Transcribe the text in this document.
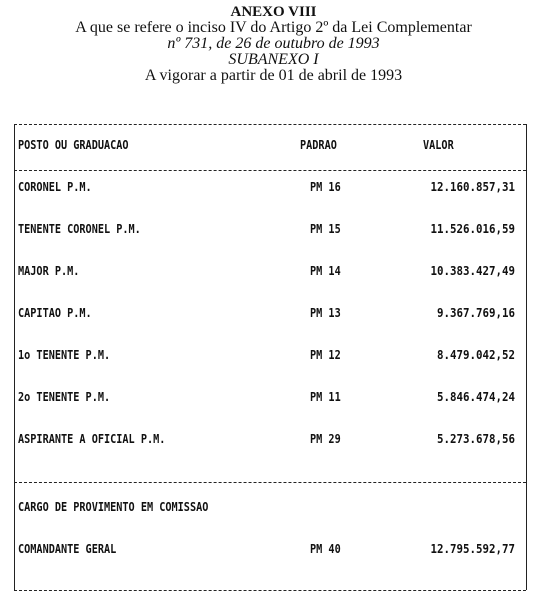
ANEXO VIII
A que se refere o inciso IV do Artigo 2º da Lei Complementar
nº 731, de 26 de outubro de 1993
SUBANEXO I
A vigorar a partir de 01 de abril de 1993
POSTO OU GRADUACAO	PADRAO	VALOR
CORONEL P.M.	PM 16	12.160.857,31
TENENTE CORONEL P.M.	PM 15	11.526.016,59
MAJOR P.M.	PM 14	10.383.427,49
CAPITAO P.M.	PM 13	9.367.769,16
1o TENENTE P.M.	PM 12	8.479.042,52
2o TENENTE P.M.	PM 11	5.846.474,24
ASPIRANTE A OFICIAL P.M.	PM 29	5.273.678,56
CARGO DE PROVIMENTO EM COMISSAO
COMANDANTE GERAL	PM 40	12.795.592,77
